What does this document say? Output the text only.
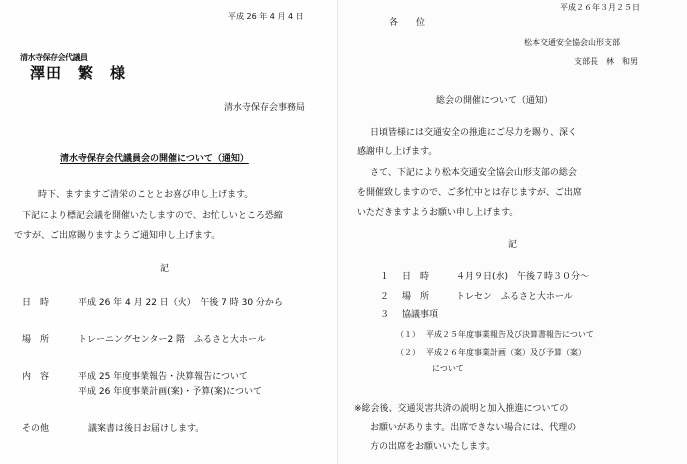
平成 26 年 4 月 4 日
清水寺保存会代議員
澤田　繁　様
清水寺保存会事務局
清水寺保存会代議員会の開催について（通知）
時下、ますますご清栄のこととお喜び申し上げます。
下記により標記会議を開催いたしますので、お忙しいところ恐縮
ですが、ご出席賜りますようご通知申し上げます。
記
日　時	平成 26 年 4 月 22 日（火）　午後 7 時 30 分から
場　所	トレーニングセンター2 階　ふるさと大ホール
内　容	平成 25 年度事業報告・決算報告について
平成 26 年度事業計画(案)・予算(案)について
その他	議案書は後日お届けします。
平成２６年３月２５日
各　　位
松本交通安全協会山形支部
支部長　林　和男
総会の開催について（通知）
日頃皆様には交通安全の推進にご尽力を賜り、深く
感謝申し上げます。
さて、下記により松本交通安全協会山形支部の総会
を開催致しますので、ご多忙中とは存じますが、ご出席
いただきますようお願い申し上げます。
記
１ 日　時	４月９日(水)　午後７時３０分～
２ 場　所	トレセン　ふるさと大ホール
３ 協議事項
（１） 平成２５年度事業報告及び決算書報告について
（２） 平成２６年度事業計画（案）及び予算（案）
について
※総会後、交通災害共済の説明と加入推進についての
お願いがあります。出席できない場合には、代理の
方の出席をお願いいたします。
